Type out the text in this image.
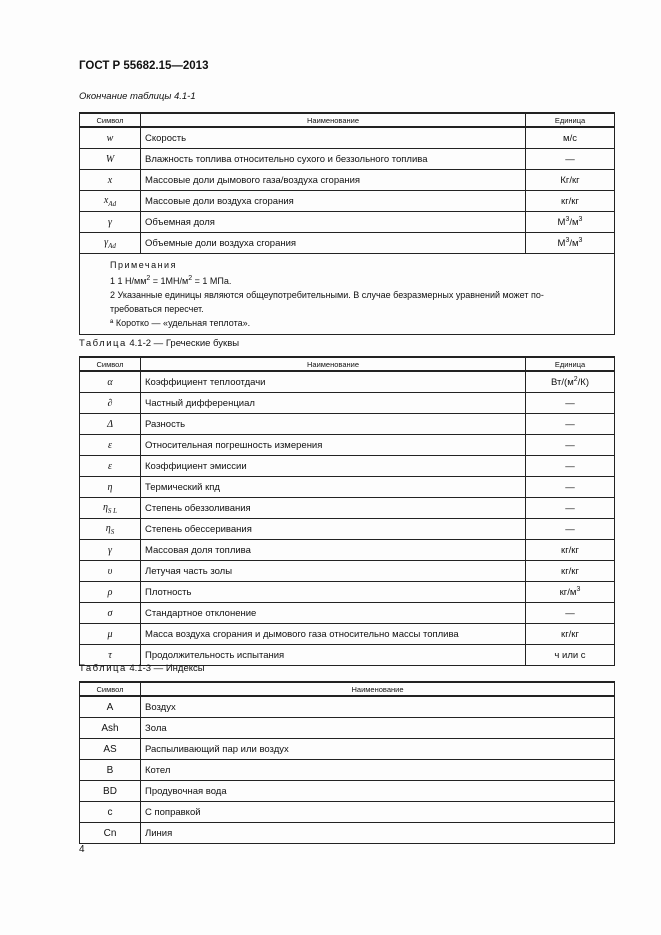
ГОСТ Р 55682.15—2013
Окончание таблицы 4.1-1
Символ	Наименование	Единица
w	Скорость	м/с
W	Влажность топлива относительно сухого и беззольного топлива	—
x	Массовые доли дымового газа/воздуха сгорания	Кг/кг
$x_{Ad}$	Массовые доли воздуха сгорания	кг/кг
γ	Объемная доля	$М^3/м^3$
$\gamma_{Ad}$	Объемные доли воздуха сгорания	$М^3/м^3$

Примечания
1 1 $Н/мм^2 = 1МН/м^2 = 1$ МПа.
2 Указанные единицы являются общеупотребительными. В случае безразмерных уравнений может по-требоваться пересчет.
ª Коротко — «удельная теплота».		
Таблица 4.1-2 — Греческие буквы
Символ	Наименование	Единица
α	Коэффициент теплоотдачи	$Вт/(м^2/К)$
∂	Частный дифференциал	—
Δ	Разность	—
ε	Относительная погрешность измерения	—
ε	Коэффициент эмиссии	—
η	Термический кпд	—
$\eta_{S L}$	Степень обеззоливания	—
$\eta_S$	Степень обессеривания	—
γ	Массовая доля топлива	кг/кг
υ	Летучая часть золы	кг/кг
ρ	Плотность	$кг/м^3$
σ	Стандартное отклонение	—
μ	Масса воздуха сгорания и дымового газа относительно массы топлива	кг/кг
τ	Продолжительность испытания	ч или с
Таблица 4.1-3 — Индексы
Символ	Наименование
A	Воздух
Ash	Зола
AS	Распыливающий пар или воздух
B	Котел
BD	Продувочная вода
c	С поправкой
Cn	Линия
4
